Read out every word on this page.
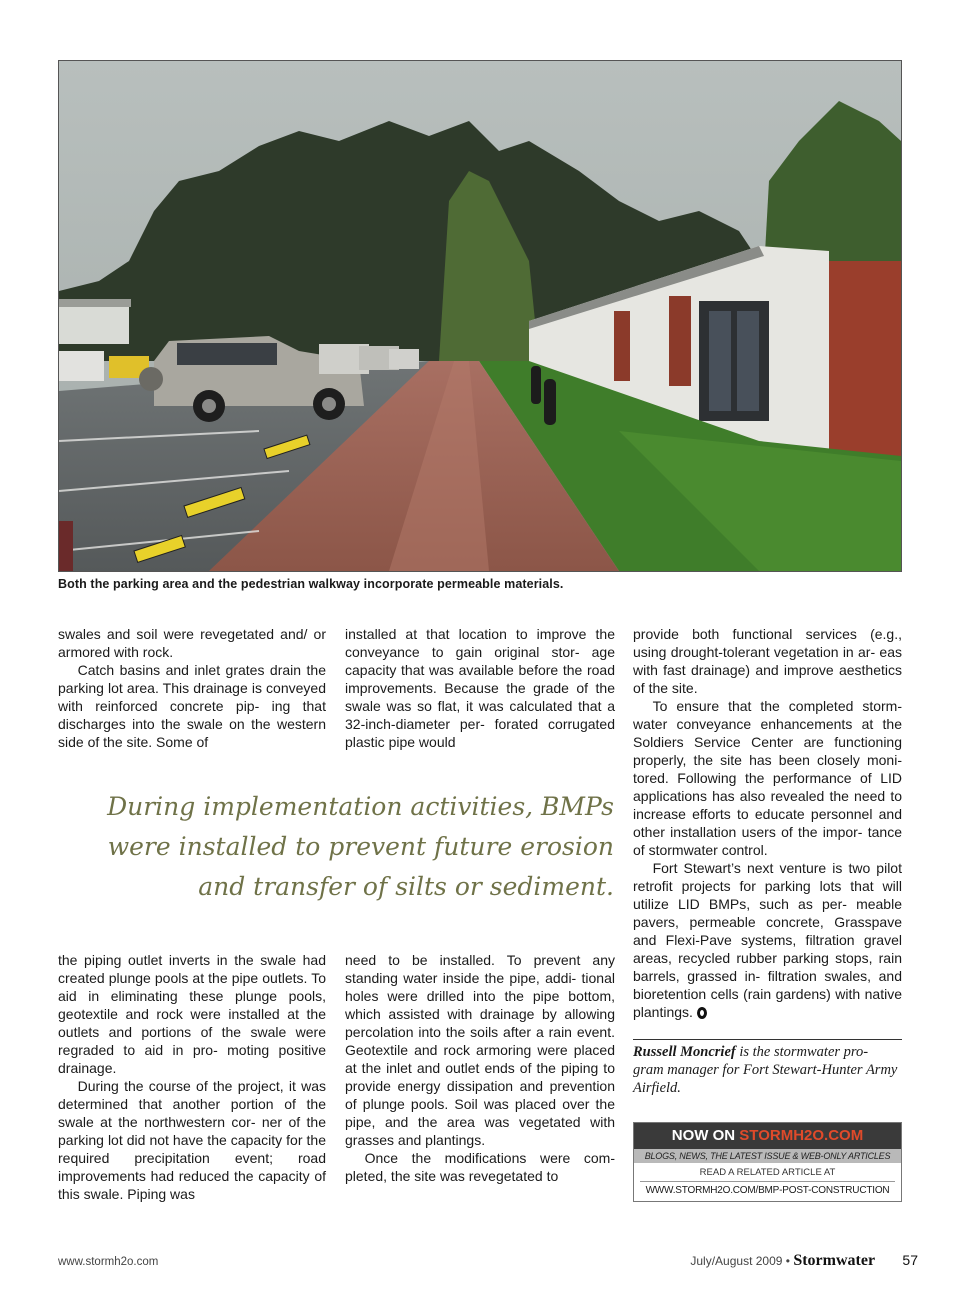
Both the parking area and the pedestrian walkway incorporate permeable materials.

swales and soil were revegetated and/ or armored with rock.

Catch basins and inlet grates drain the parking lot area. This drainage is conveyed with reinforced concrete pip- ing that discharges into the swale on the western side of the site. Some of

installed at that location to improve the conveyance to gain original stor- age capacity that was available before the road improvements. Because the grade of the swale was so flat, it was calculated that a 32-inch-diameter per- forated corrugated plastic pipe would

During implementation activities, BMPs were installed to prevent future erosion and transfer of silts or sediment.

the piping outlet inverts in the swale had created plunge pools at the pipe outlets. To aid in eliminating these plunge pools, geotextile and rock were installed at the outlets and portions of the swale were regraded to aid in pro- moting positive drainage.

During the course of the project, it was determined that another portion of the swale at the northwestern cor- ner of the parking lot did not have the capacity for the required precipitation event; road improvements had reduced the capacity of this swale. Piping was

need to be installed. To prevent any standing water inside the pipe, addi- tional holes were drilled into the pipe bottom, which assisted with drainage by allowing percolation into the soils after a rain event. Geotextile and rock armoring were placed at the inlet and outlet ends of the piping to provide energy dissipation and prevention of plunge pools. Soil was placed over the pipe, and the area was vegetated with grasses and plantings.

Once the modifications were com- pleted, the site was revegetated to

provide both functional services (e.g., using drought-tolerant vegetation in ar- eas with fast drainage) and improve aesthetics of the site.

To ensure that the completed storm- water conveyance enhancements at the Soldiers Service Center are functioning properly, the site has been closely moni- tored. Following the performance of LID applications has also revealed the need to increase efforts to educate personnel and other installation users of the impor- tance of stormwater control.

Fort Stewart’s next venture is two pilot retrofit projects for parking lots that will utilize LID BMPs, such as per- meable pavers, permeable concrete, Grasspave and Flexi-Pave systems, filtration gravel areas, recycled rubber parking stops, rain barrels, grassed in- filtration swales, and bioretention cells (rain gardens) with native plantings.

Russell Moncrief is the stormwater pro- gram manager for Fort Stewart-Hunter Army Airfield.
NOW ON STORMH2O.COM
BLOGS, NEWS, THE LATEST ISSUE & WEB-ONLY ARTICLES
READ A RELATED ARTICLE AT
WWW.STORMH2O.COM/BMP-POST-CONSTRUCTION
www.stormh2o.com	July/August 2009 • Stormwater 57
